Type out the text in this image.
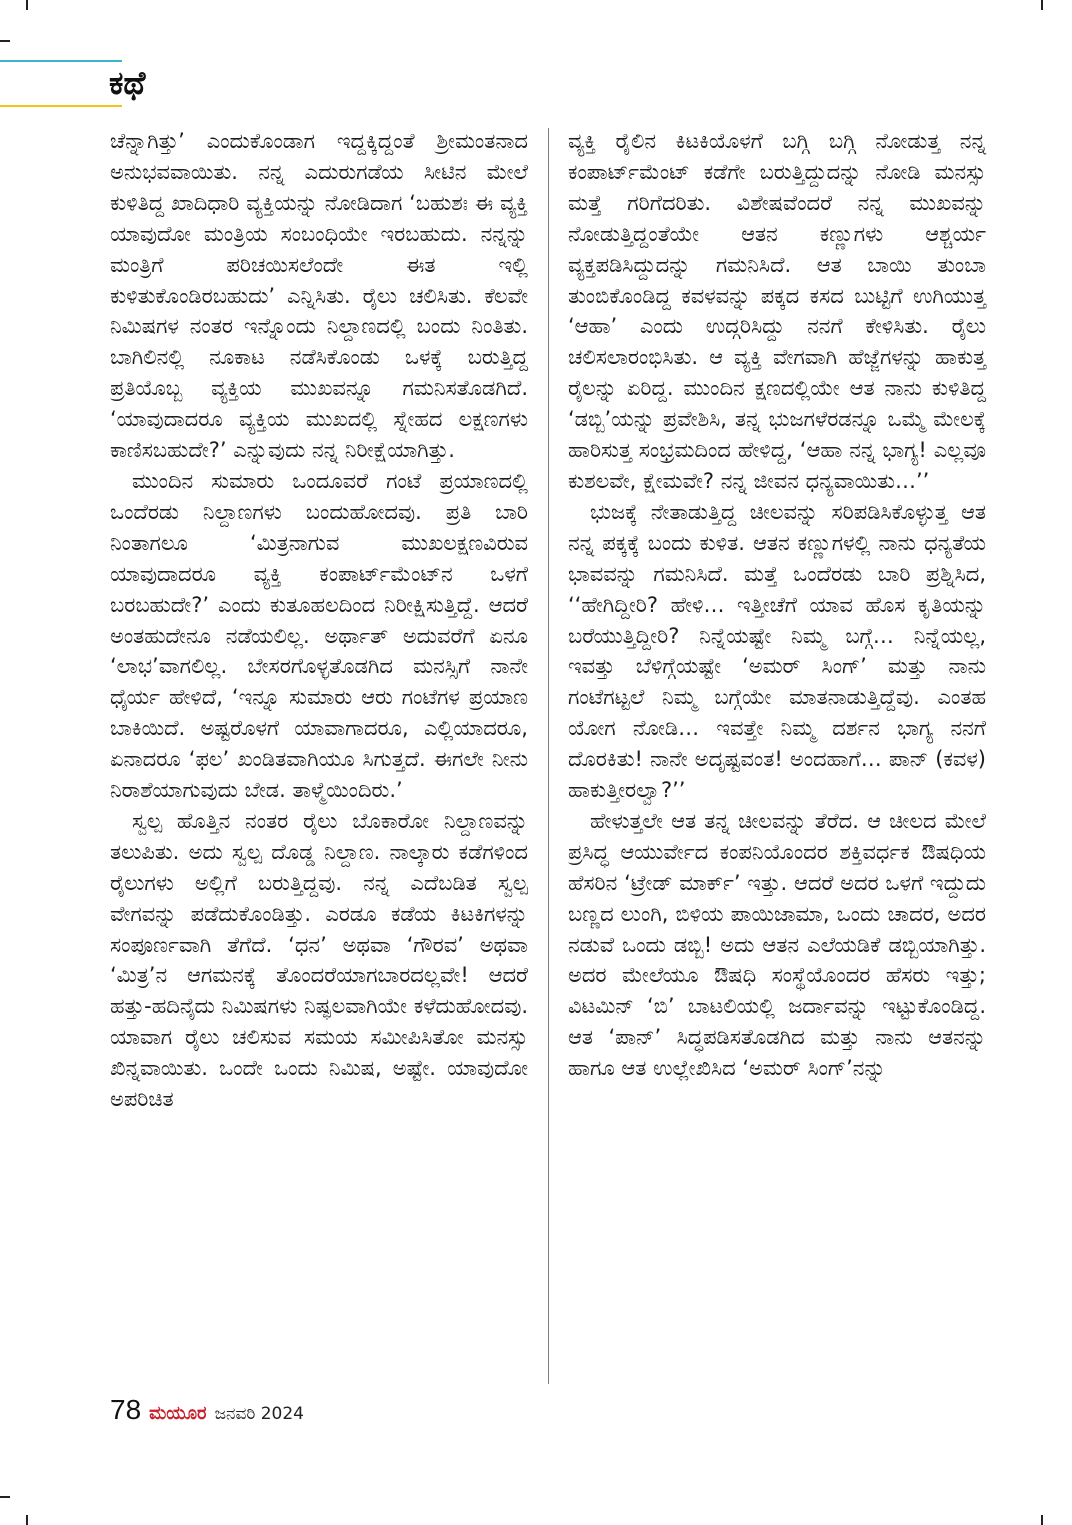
ಕಥೆ

ಚೆನ್ನಾಗಿತ್ತು’ ಎಂದುಕೊಂಡಾಗ ಇದ್ದಕ್ಕಿದ್ದಂತೆ ಶ್ರೀಮಂತನಾದ ಅನುಭವವಾಯಿತು. ನನ್ನ ಎದುರುಗಡೆಯ ಸೀಟಿನ ಮೇಲೆ ಕುಳಿತಿದ್ದ ಖಾದಿಧಾರಿ ವ್ಯಕ್ತಿಯನ್ನು ನೋಡಿದಾಗ ‘ಬಹುಶಃ ಈ ವ್ಯಕ್ತಿ ಯಾವುದೋ ಮಂತ್ರಿಯ ಸಂಬಂಧಿಯೇ ಇರಬಹುದು. ನನ್ನನ್ನು ಮಂತ್ರಿಗೆ ಪರಿಚಯಿಸಲೆಂದೇ ಈತ ಇಲ್ಲಿ ಕುಳಿತುಕೊಂಡಿರಬಹುದು’ ಎನ್ನಿಸಿತು. ರೈಲು ಚಲಿಸಿತು. ಕೆಲವೇ ನಿಮಿಷಗಳ ನಂತರ ಇನ್ನೊಂದು ನಿಲ್ದಾಣದಲ್ಲಿ ಬಂದು ನಿಂತಿತು. ಬಾಗಿಲಿನಲ್ಲಿ ನೂಕಾಟ ನಡೆಸಿಕೊಂಡು ಒಳಕ್ಕೆ ಬರುತ್ತಿದ್ದ ಪ್ರತಿಯೊಬ್ಬ ವ್ಯಕ್ತಿಯ ಮುಖವನ್ನೂ ಗಮನಿಸತೊಡಗಿದೆ. ‘ಯಾವುದಾದರೂ ವ್ಯಕ್ತಿಯ ಮುಖದಲ್ಲಿ ಸ್ನೇಹದ ಲಕ್ಷಣಗಳು ಕಾಣಿಸಬಹುದೇ?’ ಎನ್ನುವುದು ನನ್ನ ನಿರೀಕ್ಷೆಯಾಗಿತ್ತು.

ಮುಂದಿನ ಸುಮಾರು ಒಂದೂವರೆ ಗಂಟೆ ಪ್ರಯಾಣದಲ್ಲಿ ಒಂದೆರಡು ನಿಲ್ದಾಣಗಳು ಬಂದುಹೋದವು. ಪ್ರತಿ ಬಾರಿ ನಿಂತಾಗಲೂ ‘ಮಿತ್ರನಾಗುವ ಮುಖಲಕ್ಷಣವಿರುವ ಯಾವುದಾದರೂ ವ್ಯಕ್ತಿ ಕಂಪಾರ್ಟ್‌ಮೆಂಟ್‌ನ ಒಳಗೆ ಬರಬಹುದೇ?’ ಎಂದು ಕುತೂಹಲದಿಂದ ನಿರೀಕ್ಷಿಸುತ್ತಿದ್ದೆ. ಆದರೆ ಅಂತಹುದೇನೂ ನಡೆಯಲಿಲ್ಲ. ಅರ್ಥಾತ್ ಅದುವರೆಗೆ ಏನೂ ‘ಲಾಭ’ವಾಗಲಿಲ್ಲ. ಬೇಸರಗೊಳ್ಳತೊಡಗಿದ ಮನಸ್ಸಿಗೆ ನಾನೇ ಧೈರ್ಯ ಹೇಳಿದೆ, ‘ಇನ್ನೂ ಸುಮಾರು ಆರು ಗಂಟೆಗಳ ಪ್ರಯಾಣ ಬಾಕಿಯಿದೆ. ಅಷ್ಟರೊಳಗೆ ಯಾವಾಗಾದರೂ, ಎಲ್ಲಿಯಾದರೂ, ಏನಾದರೂ ‘ಫಲ’ ಖಂಡಿತವಾಗಿಯೂ ಸಿಗುತ್ತದೆ. ಈಗಲೇ ನೀನು ನಿರಾಶೆಯಾಗುವುದು ಬೇಡ. ತಾಳ್ಮೆಯಿಂದಿರು.’

ಸ್ವಲ್ಪ ಹೊತ್ತಿನ ನಂತರ ರೈಲು ಬೊಕಾರೋ ನಿಲ್ದಾಣವನ್ನು ತಲುಪಿತು. ಅದು ಸ್ವಲ್ಪ ದೊಡ್ಡ ನಿಲ್ದಾಣ. ನಾಲ್ಕಾರು ಕಡೆಗಳಿಂದ ರೈಲುಗಳು ಅಲ್ಲಿಗೆ ಬರುತ್ತಿದ್ದವು. ನನ್ನ ಎದೆಬಡಿತ ಸ್ವಲ್ಪ ವೇಗವನ್ನು ಪಡೆದುಕೊಂಡಿತ್ತು. ಎರಡೂ ಕಡೆಯ ಕಿಟಕಿಗಳನ್ನು ಸಂಪೂರ್ಣವಾಗಿ ತೆಗೆದೆ. ‘ಧನ’ ಅಥವಾ ‘ಗೌರವ’ ಅಥವಾ ‘ಮಿತ್ರ’ನ ಆಗಮನಕ್ಕೆ ತೊಂದರೆಯಾಗಬಾರದಲ್ಲವೇ! ಆದರೆ ಹತ್ತು-ಹದಿನೈದು ನಿಮಿಷಗಳು ನಿಷ್ಫಲವಾಗಿಯೇ ಕಳೆದುಹೋದವು. ಯಾವಾಗ ರೈಲು ಚಲಿಸುವ ಸಮಯ ಸಮೀಪಿಸಿತೋ ಮನಸ್ಸು ಖಿನ್ನವಾಯಿತು. ಒಂದೇ ಒಂದು ನಿಮಿಷ, ಅಷ್ಟೇ. ಯಾವುದೋ ಅಪರಿಚಿತ

ವ್ಯಕ್ತಿ ರೈಲಿನ ಕಿಟಕಿಯೊಳಗೆ ಬಗ್ಗಿ ಬಗ್ಗಿ ನೋಡುತ್ತ ನನ್ನ ಕಂಪಾರ್ಟ್‌ಮೆಂಟ್ ಕಡೆಗೇ ಬರುತ್ತಿದ್ದುದನ್ನು ನೋಡಿ ಮನಸ್ಸು ಮತ್ತೆ ಗರಿಗೆದರಿತು. ವಿಶೇಷವೆಂದರೆ ನನ್ನ ಮುಖವನ್ನು ನೋಡುತ್ತಿದ್ದಂತೆಯೇ ಆತನ ಕಣ್ಣುಗಳು ಆಶ್ಚರ್ಯ ವ್ಯಕ್ತಪಡಿಸಿದ್ದುದನ್ನು ಗಮನಿಸಿದೆ. ಆತ ಬಾಯಿ ತುಂಬಾ ತುಂಬಿಕೊಂಡಿದ್ದ ಕವಳವನ್ನು ಪಕ್ಕದ ಕಸದ ಬುಟ್ಟಿಗೆ ಉಗಿಯುತ್ತ ‘ಆಹಾ’ ಎಂದು ಉದ್ಗರಿಸಿದ್ದು ನನಗೆ ಕೇಳಿಸಿತು. ರೈಲು ಚಲಿಸಲಾರಂಭಿಸಿತು. ಆ ವ್ಯಕ್ತಿ ವೇಗವಾಗಿ ಹೆಜ್ಜೆಗಳನ್ನು ಹಾಕುತ್ತ ರೈಲನ್ನು ಏರಿದ್ದ. ಮುಂದಿನ ಕ್ಷಣದಲ್ಲಿಯೇ ಆತ ನಾನು ಕುಳಿತಿದ್ದ ‘ಡಬ್ಬಿ’ಯನ್ನು ಪ್ರವೇಶಿಸಿ, ತನ್ನ ಭುಜಗಳೆರಡನ್ನೂ ಒಮ್ಮೆ ಮೇಲಕ್ಕೆ ಹಾರಿಸುತ್ತ ಸಂಭ್ರಮದಿಂದ ಹೇಳಿದ್ದ, ‘ಆಹಾ ನನ್ನ ಭಾಗ್ಯ! ಎಲ್ಲವೂ ಕುಶಲವೇ, ಕ್ಷೇಮವೇ? ನನ್ನ ಜೀವನ ಧನ್ಯವಾಯಿತು…’’

ಭುಜಕ್ಕೆ ನೇತಾಡುತ್ತಿದ್ದ ಚೀಲವನ್ನು ಸರಿಪಡಿಸಿಕೊಳ್ಳುತ್ತ ಆತ ನನ್ನ ಪಕ್ಕಕ್ಕೆ ಬಂದು ಕುಳಿತ. ಆತನ ಕಣ್ಣುಗಳಲ್ಲಿ ನಾನು ಧನ್ಯತೆಯ ಭಾವವನ್ನು ಗಮನಿಸಿದೆ. ಮತ್ತೆ ಒಂದೆರಡು ಬಾರಿ ಪ್ರಶ್ನಿಸಿದ, ‘‘ಹೇಗಿದ್ದೀರಿ? ಹೇಳಿ… ಇತ್ತೀಚೆಗೆ ಯಾವ ಹೊಸ ಕೃತಿಯನ್ನು ಬರೆಯುತ್ತಿದ್ದೀರಿ? ನಿನ್ನೆಯಷ್ಟೇ ನಿಮ್ಮ ಬಗ್ಗೆ… ನಿನ್ನೆಯಲ್ಲ, ಇವತ್ತು ಬೆಳಿಗ್ಗೆಯಷ್ಟೇ ‘ಅಮರ್ ಸಿಂಗ್’ ಮತ್ತು ನಾನು ಗಂಟೆಗಟ್ಟಲೆ ನಿಮ್ಮ ಬಗ್ಗೆಯೇ ಮಾತನಾಡುತ್ತಿದ್ದೆವು. ಎಂತಹ ಯೋಗ ನೋಡಿ… ಇವತ್ತೇ ನಿಮ್ಮ ದರ್ಶನ ಭಾಗ್ಯ ನನಗೆ ದೊರಕಿತು! ನಾನೇ ಅದೃಷ್ಟವಂತ! ಅಂದಹಾಗೆ… ಪಾನ್ (ಕವಳ) ಹಾಕುತ್ತೀರಲ್ವಾ?’’

ಹೇಳುತ್ತಲೇ ಆತ ತನ್ನ ಚೀಲವನ್ನು ತೆರೆದ. ಆ ಚೀಲದ ಮೇಲೆ ಪ್ರಸಿದ್ಧ ಆಯುರ್ವೇದ ಕಂಪನಿಯೊಂದರ ಶಕ್ತಿವರ್ಧಕ ಔಷಧಿಯ ಹೆಸರಿನ ‘ಟ್ರೇಡ್ ಮಾರ್ಕ್’ ಇತ್ತು. ಆದರೆ ಅದರ ಒಳಗೆ ಇದ್ದುದು ಬಣ್ಣದ ಲುಂಗಿ, ಬಿಳಿಯ ಪಾಯಿಜಾಮಾ, ಒಂದು ಚಾದರ, ಅದರ ನಡುವೆ ಒಂದು ಡಬ್ಬಿ! ಅದು ಆತನ ಎಲೆಯಡಿಕೆ ಡಬ್ಬಿಯಾಗಿತ್ತು. ಅದರ ಮೇಲೆಯೂ ಔಷಧಿ ಸಂಸ್ಥೆಯೊಂದರ ಹೆಸರು ಇತ್ತು; ವಿಟಮಿನ್ ‘ಬಿ’ ಬಾಟಲಿಯಲ್ಲಿ ಜರ್ದಾವನ್ನು ಇಟ್ಟುಕೊಂಡಿದ್ದ. ಆತ ‘ಪಾನ್’ ಸಿದ್ಧಪಡಿಸತೊಡಗಿದ ಮತ್ತು ನಾನು ಆತನನ್ನು ಹಾಗೂ ಆತ ಉಲ್ಲೇಖಿಸಿದ ‘ಅಮರ್ ಸಿಂಗ್’ನನ್ನು

78 ಮಯೂರ ಜನವರಿ 2024
